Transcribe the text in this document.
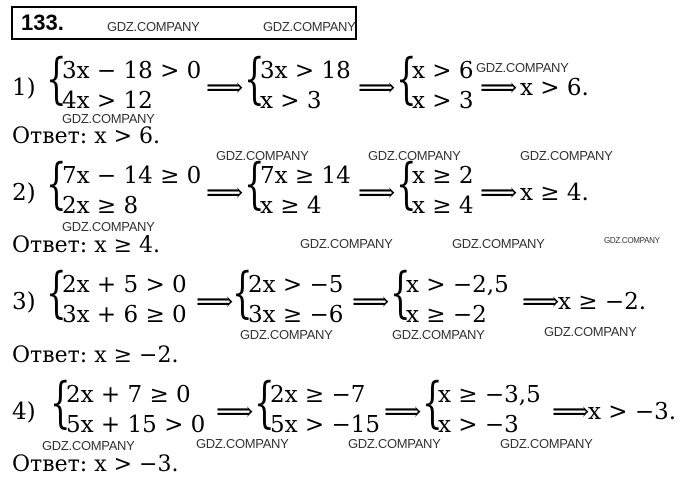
133.	GDZ.COMPANY	GDZ.COMPANY
1) {
3x − 18 > 0
4x > 12 ⟹ {
3x > 18
x > 3 ⟹ {
x > 6
x > 3 ⟹ x > 6.
Ответ: x > 6.
2) {
7x − 14 ≥ 0
2x ≥ 8	⟹ {
7x ≥ 14
x ≥ 4 ⟹ {
x ≥ 2
x ≥ 4 ⟹ x ≥ 4.
Ответ: x ≥ 4.
3) {
2x + 5 > 0
3x + 6 ≥ 0 ⟹
{
2x > −5
3x ≥ −6 ⟹ {
x > −2,5
x ≥ −2 ⟹
x ≥ −2.
Ответ: x ≥ −2.
4) {
2x + 7 ≥ 0
5x + 15 > 0 ⟹ {
2x ≥ −7
5x > −15 ⟹ {
x ≥ −3,5
x > −3 ⟹
x > −3.
Ответ: x > −3.
GDZ.COMPANY
GDZ.COMPANY
GDZ.COMPANY	GDZ.COMPANY	GDZ.COMPANY
GDZ.COMPANY
GDZ.COMPANY	GDZ.COMPANY	GDZ.COMPANY
GDZ.COMPANY
GDZ.COMPANY	GDZ.COMPANY
GDZ.COMPANY	GDZ.COMPANY	GDZ.COMPANY	GDZ.COMPANY
